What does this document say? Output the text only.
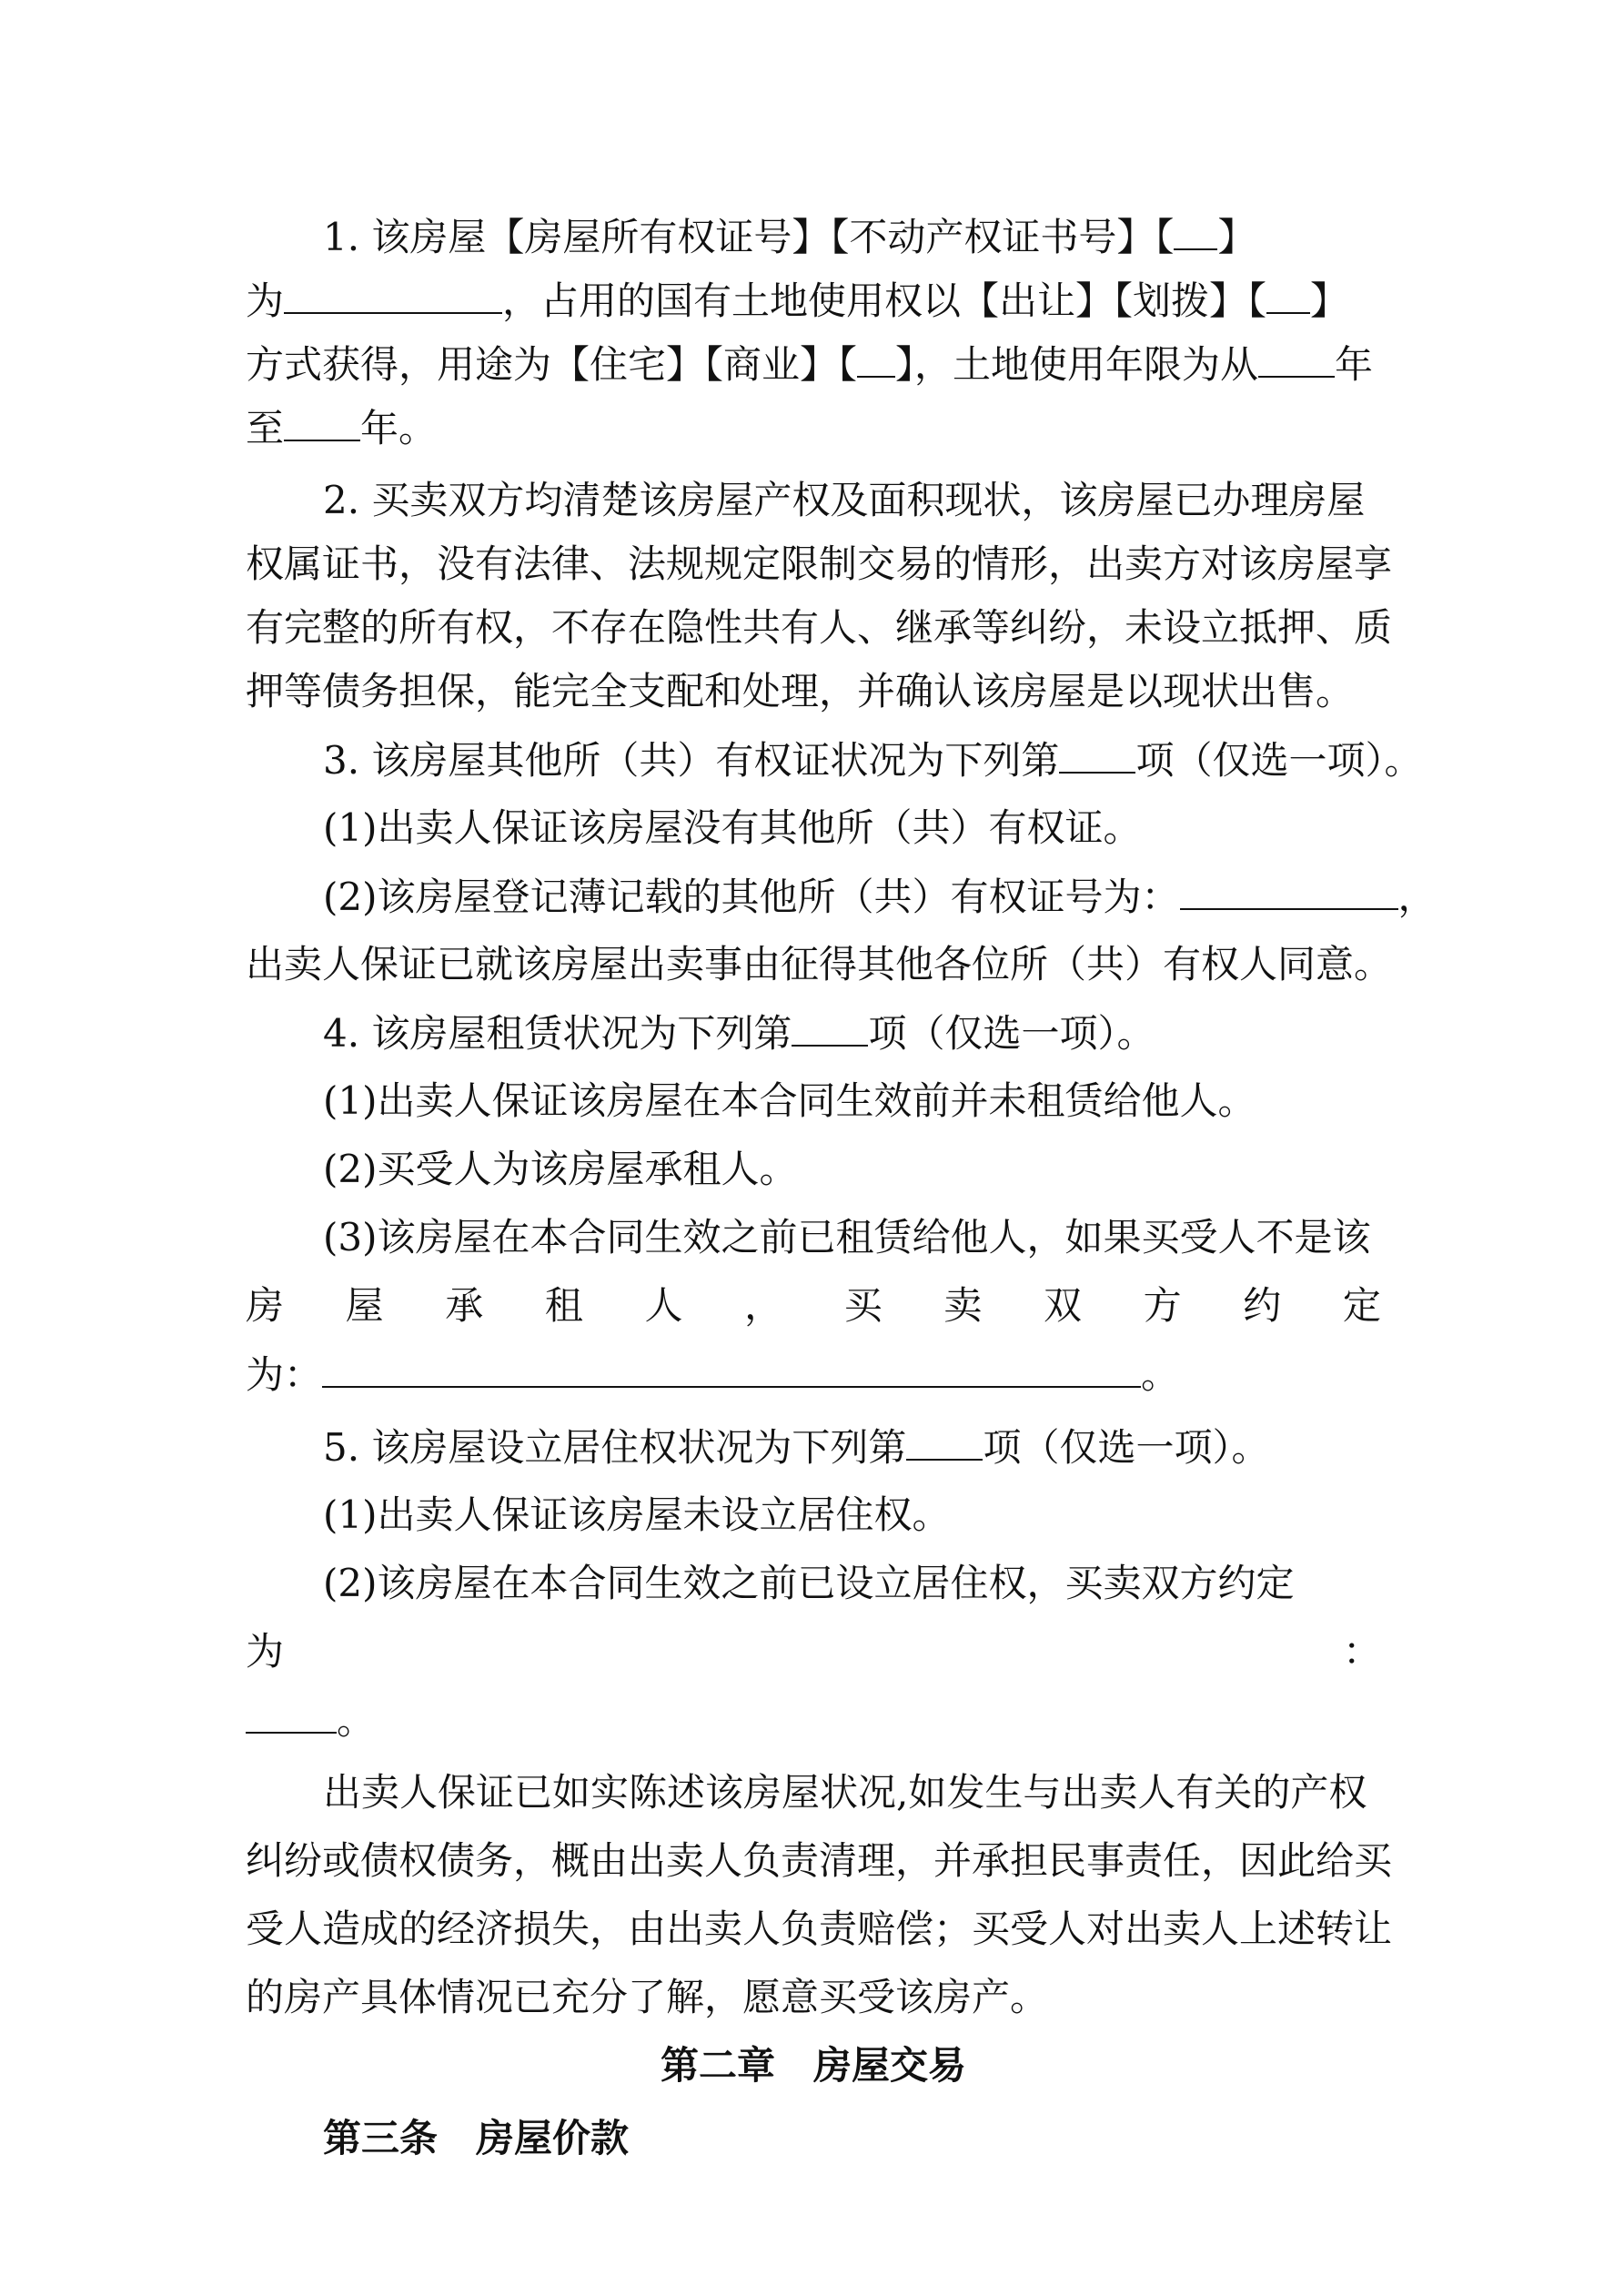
1. 该房屋【房屋所有权证号】【不动产权证书号】【 】
为	，占用的国有土地使用权以【出让】【划拨】【 】
方式获得，用途为【住宅】【商业】【 】，土地使用年限为从 年
至 年。
2. 买卖双方均清楚该房屋产权及面积现状，该房屋已办理房屋
权属证书，没有法律、法规规定限制交易的情形，出卖方对该房屋享
有完整的所有权，不存在隐性共有人、继承等纠纷，未设立抵押、质
押等债务担保，能完全支配和处理，并确认该房屋是以现状出售。
3. 该房屋其他所（共）有权证状况为下列第 项（仅选一项）。
(1)出卖人保证该房屋没有其他所（共）有权证。
(2)该房屋登记薄记载的其他所（共）有权证号为：	，
出卖人保证已就该房屋出卖事由征得其他各位所（共）有权人同意。
4. 该房屋租赁状况为下列第 项（仅选一项）。
(1)出卖人保证该房屋在本合同生效前并未租赁给他人。
(2)买受人为该房屋承租人。
(3)该房屋在本合同生效之前已租赁给他人，如果买受人不是该
房 屋 承 租 人 ， 买 卖 双 方 约 定
为：	。
5. 该房屋设立居住权状况为下列第 项（仅选一项）。
(1)出卖人保证该房屋未设立居住权。
(2)该房屋在本合同生效之前已设立居住权，买卖双方约定
为	：
。
出卖人保证已如实陈述该房屋状况,如发生与出卖人有关的产权
纠纷或债权债务，概由出卖人负责清理，并承担民事责任，因此给买
受人造成的经济损失，由出卖人负责赔偿；买受人对出卖人上述转让
的房产具体情况已充分了解，愿意买受该房产。
第二章　房屋交易
第三条　房屋价款
